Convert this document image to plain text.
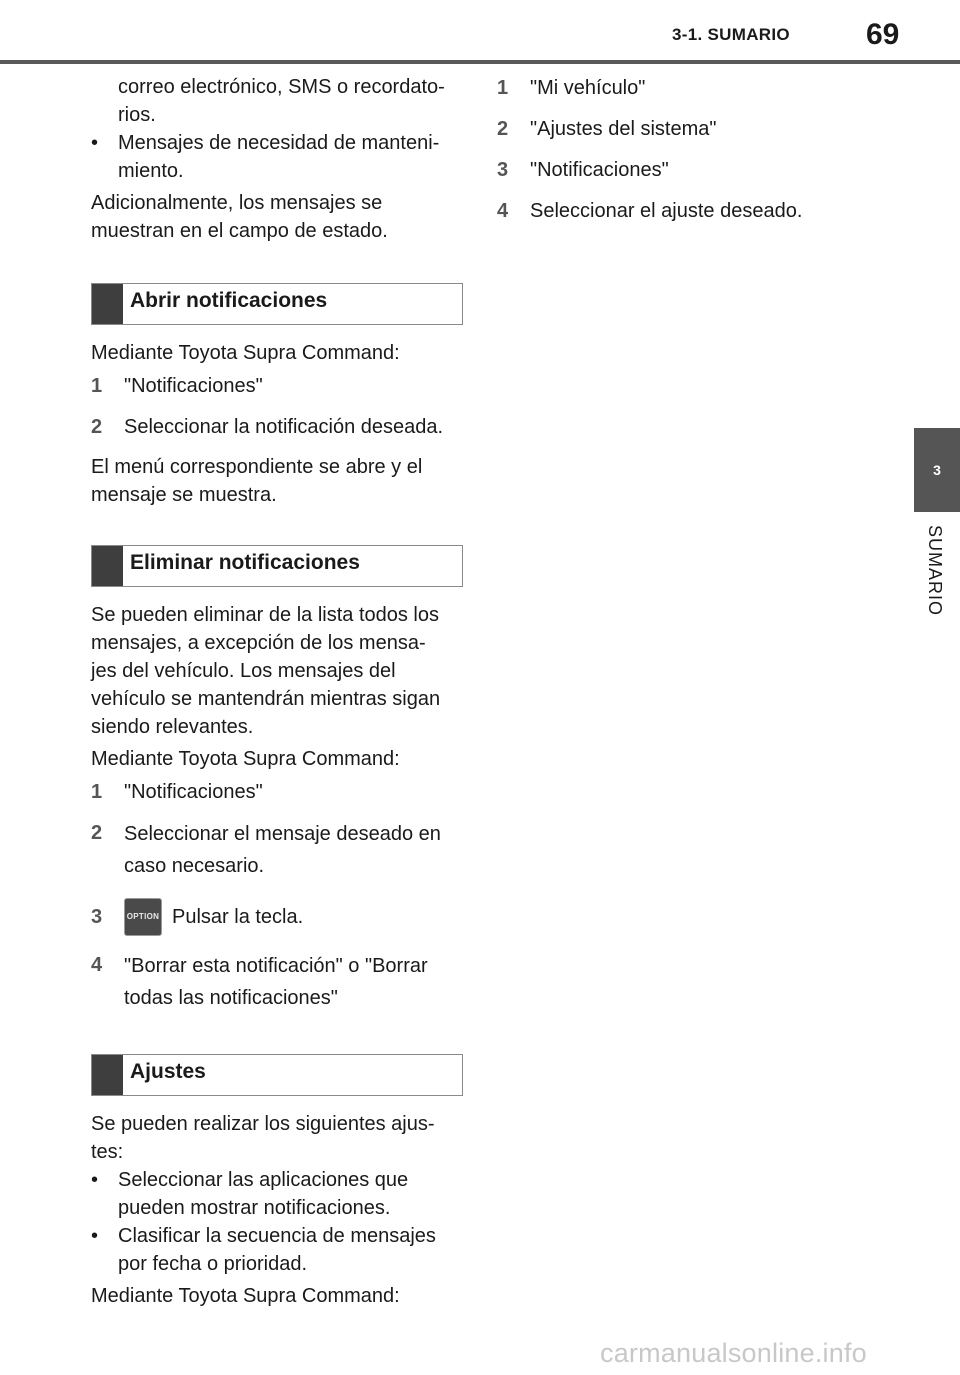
3-1. SUMARIO	69
3
SUMARIO
correo electrónico, SMS o recordato-
rios.
• Mensajes de necesidad de manteni-
miento.
Adicionalmente, los mensajes se
muestran en el campo de estado.
Abrir notificaciones
Mediante Toyota Supra Command:
1	"Notificaciones"
2	Seleccionar la notificación deseada.
El menú correspondiente se abre y el
mensaje se muestra.
Eliminar notificaciones
Se pueden eliminar de la lista todos los
mensajes, a excepción de los mensa-
jes del vehículo. Los mensajes del
vehículo se mantendrán mientras sigan
siendo relevantes.
Mediante Toyota Supra Command:
1	"Notificaciones"
2	Seleccionar el mensaje deseado en
caso necesario.
3	OPTION Pulsar la tecla.
4	"Borrar esta notificación" o "Borrar
todas las notificaciones"
Ajustes
Se pueden realizar los siguientes ajus-
tes:
• Seleccionar las aplicaciones que
pueden mostrar notificaciones.
• Clasificar la secuencia de mensajes
por fecha o prioridad.
Mediante Toyota Supra Command:
1	"Mi vehículo"
2	"Ajustes del sistema"
3	"Notificaciones"
4	Seleccionar el ajuste deseado.
carmanualsonline.info
